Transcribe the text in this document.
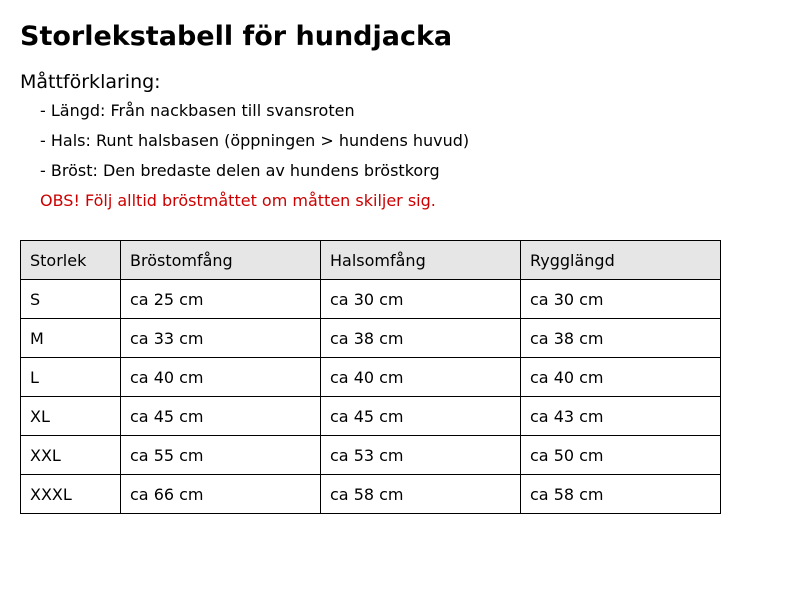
Storlekstabell för hundjacka
Måttförklaring:
- Längd: Från nackbasen till svansroten
- Hals: Runt halsbasen (öppningen > hundens huvud)
- Bröst: Den bredaste delen av hundens bröstkorg
OBS! Följ alltid bröstmåttet om måtten skiljer sig.
Storlek	Bröstomfång	Halsomfång	Rygglängd
S	ca 25 cm	ca 30 cm	ca 30 cm
M	ca 33 cm	ca 38 cm	ca 38 cm
L	ca 40 cm	ca 40 cm	ca 40 cm
XL	ca 45 cm	ca 45 cm	ca 43 cm
XXL	ca 55 cm	ca 53 cm	ca 50 cm
XXXL	ca 66 cm	ca 58 cm	ca 58 cm
